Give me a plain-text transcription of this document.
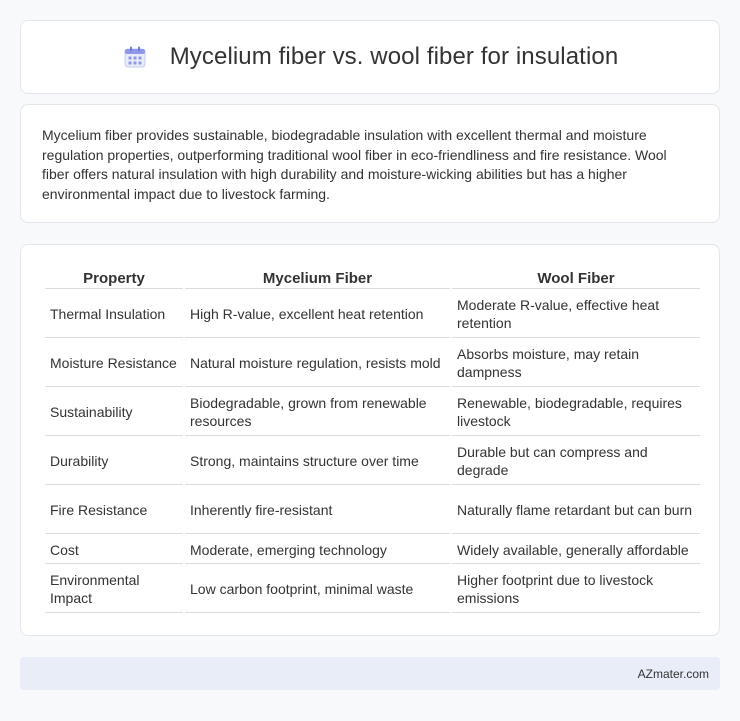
Mycelium fiber vs. wool fiber for insulation

Mycelium fiber provides sustainable, biodegradable insulation with excellent thermal and moisture regulation properties, outperforming traditional wool fiber in eco-friendliness and fire resistance. Wool fiber offers natural insulation with high durability and moisture-wicking abilities but has a higher environmental impact due to livestock farming.

Property	Mycelium Fiber	Wool Fiber
Thermal Insulation	High R-value, excellent heat retention	Moderate R-value, effective heat retention
Moisture Resistance	Natural moisture regulation, resists mold	Absorbs moisture, may retain dampness
Sustainability	Biodegradable, grown from renewable resources	Renewable, biodegradable, requires livestock
Durability	Strong, maintains structure over time	Durable but can compress and degrade
Fire Resistance	Inherently fire-resistant	Naturally flame retardant but can burn
Cost	Moderate, emerging technology	Widely available, generally affordable
Environmental Impact	Low carbon footprint, minimal waste	Higher footprint due to livestock emissions
AZmater.com
